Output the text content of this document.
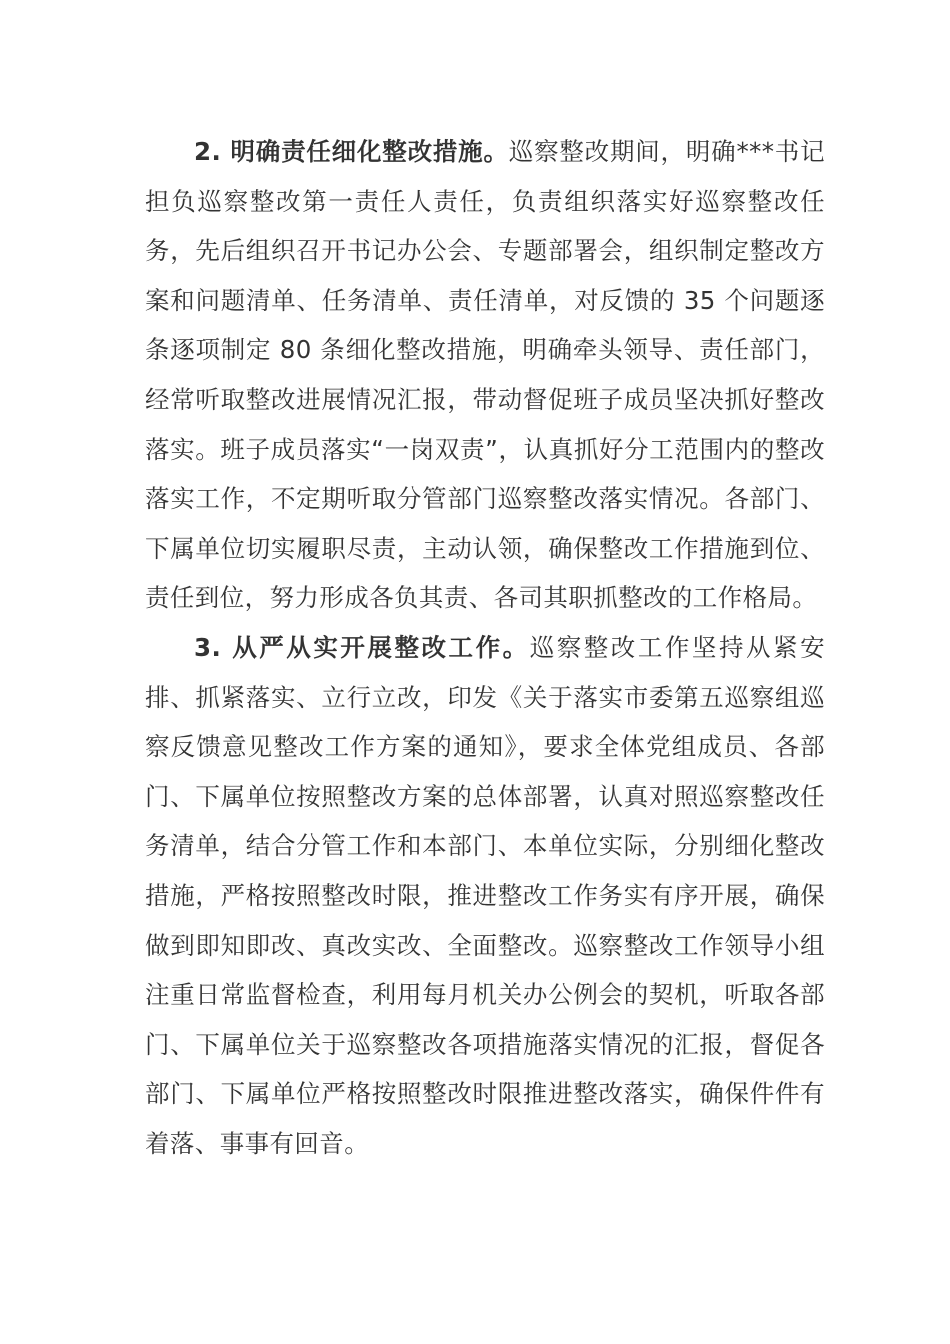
2. 明确责任细化整改措施。巡察整改期间，明确***书记担负巡察整改第一责任人责任，负责组织落实好巡察整改任务，先后组织召开书记办公会、专题部署会，组织制定整改方案和问题清单、任务清单、责任清单，对反馈的 35 个问题逐条逐项制定 80 条细化整改措施，明确牵头领导、责任部门，经常听取整改进展情况汇报，带动督促班子成员坚决抓好整改落实。班子成员落实“一岗双责”，认真抓好分工范围内的整改落实工作，不定期听取分管部门巡察整改落实情况。各部门、下属单位切实履职尽责，主动认领，确保整改工作措施到位、责任到位，努力形成各负其责、各司其职抓整改的工作格局。

3. 从严从实开展整改工作。巡察整改工作坚持从紧安排、抓紧落实、立行立改，印发《关于落实市委第五巡察组巡察反馈意见整改工作方案的通知》，要求全体党组成员、各部门、下属单位按照整改方案的总体部署，认真对照巡察整改任务清单，结合分管工作和本部门、本单位实际，分别细化整改措施，严格按照整改时限，推进整改工作务实有序开展，确保做到即知即改、真改实改、全面整改。巡察整改工作领导小组注重日常监督检查，利用每月机关办公例会的契机，听取各部门、下属单位关于巡察整改各项措施落实情况的汇报，督促各部门、下属单位严格按照整改时限推进整改落实，确保件件有着落、事事有回音。
